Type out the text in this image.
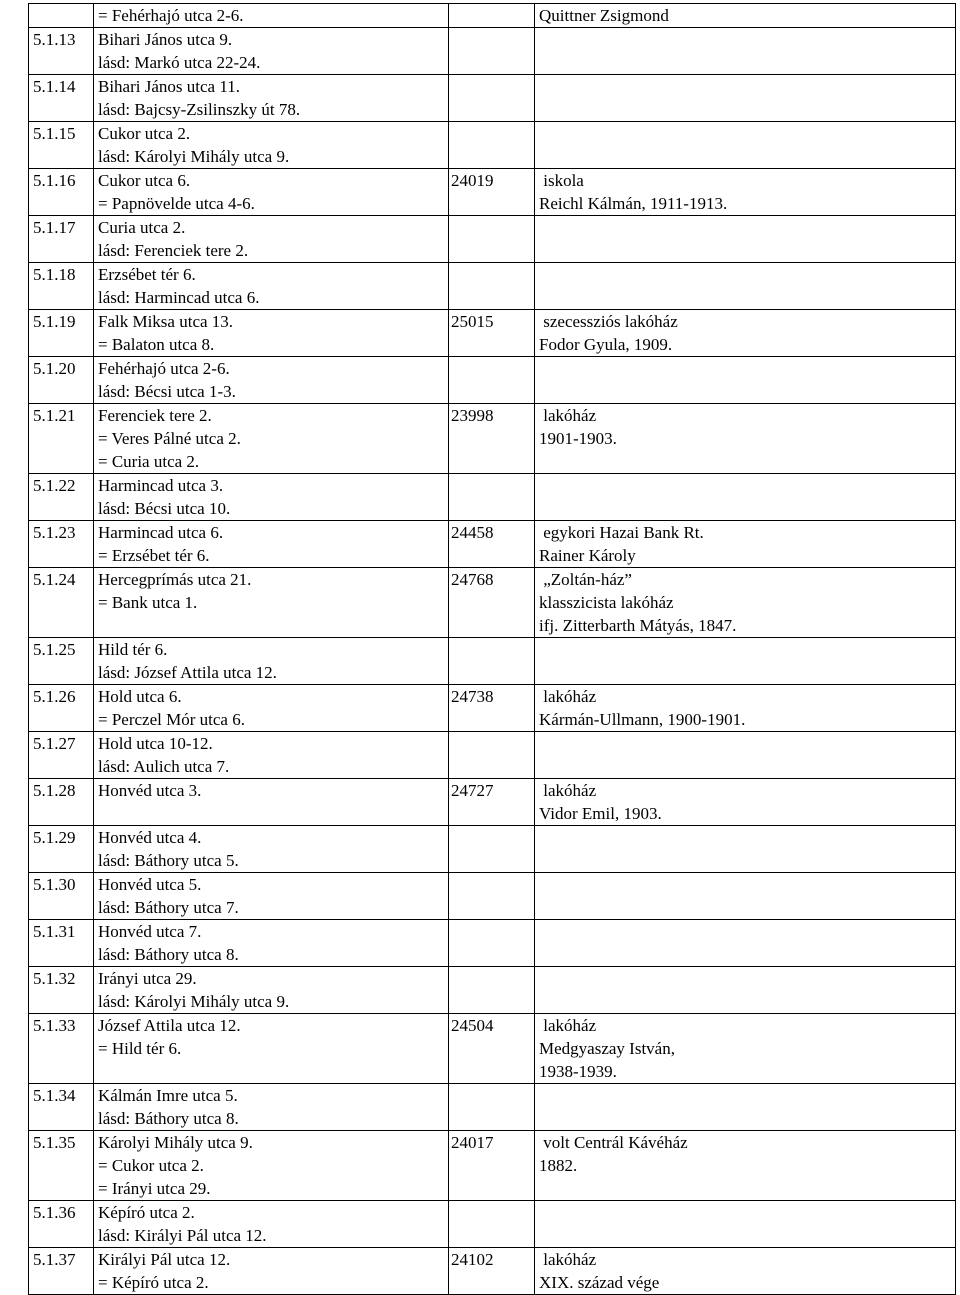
	= Fehérhajó utca 2-6.		Quittner Zsigmond

5.1.13	Bihari János utca 9.
lásd: Markó utca 22-24.		

5.1.14	Bihari János utca 11.
lásd: Bajcsy-Zsilinszky út 78.		

5.1.15	Cukor utca 2.
lásd: Károlyi Mihály utca 9.		

5.1.16	Cukor utca 6.
= Papnövelde utca 4-6.	24019	iskola
Reichl Kálmán, 1911-1913.

5.1.17	Curia utca 2.
lásd: Ferenciek tere 2.		

5.1.18	Erzsébet tér 6.
lásd: Harmincad utca 6.		

5.1.19	Falk Miksa utca 13.
= Balaton utca 8.	25015	szecessziós lakóház
Fodor Gyula, 1909.

5.1.20	Fehérhajó utca 2-6.
lásd: Bécsi utca 1-3.		

5.1.21	Ferenciek tere 2.
= Veres Pálné utca 2.
= Curia utca 2.	23998	lakóház
1901-1903.

5.1.22	Harmincad utca 3.
lásd: Bécsi utca 10.		

5.1.23	Harmincad utca 6.
= Erzsébet tér 6.	24458	egykori Hazai Bank Rt.
Rainer Károly

5.1.24	Hercegprímás utca 21.
= Bank utca 1.	24768	„Zoltán-ház”
klasszicista lakóház
ifj. Zitterbarth Mátyás, 1847.

5.1.25	Hild tér 6.
lásd: József Attila utca 12.		

5.1.26	Hold utca 6.
= Perczel Mór utca 6.	24738	lakóház
Kármán-Ullmann, 1900-1901.

5.1.27	Hold utca 10-12.
lásd: Aulich utca 7.		

5.1.28	Honvéd utca 3.	24727	lakóház
Vidor Emil, 1903.

5.1.29	Honvéd utca 4.
lásd: Báthory utca 5.		

5.1.30	Honvéd utca 5.
lásd: Báthory utca 7.		

5.1.31	Honvéd utca 7.
lásd: Báthory utca 8.		

5.1.32	Irányi utca 29.
lásd: Károlyi Mihály utca 9.		

5.1.33	József Attila utca 12.
= Hild tér 6.	24504	lakóház
Medgyaszay István,
1938-1939.

5.1.34	Kálmán Imre utca 5.
lásd: Báthory utca 8.		

5.1.35	Károlyi Mihály utca 9.
= Cukor utca 2.
= Irányi utca 29.	24017	volt Centrál Kávéház
1882.

5.1.36	Képíró utca 2.
lásd: Királyi Pál utca 12.		

5.1.37	Királyi Pál utca 12.
= Képíró utca 2.	24102	lakóház
XIX. század vége
